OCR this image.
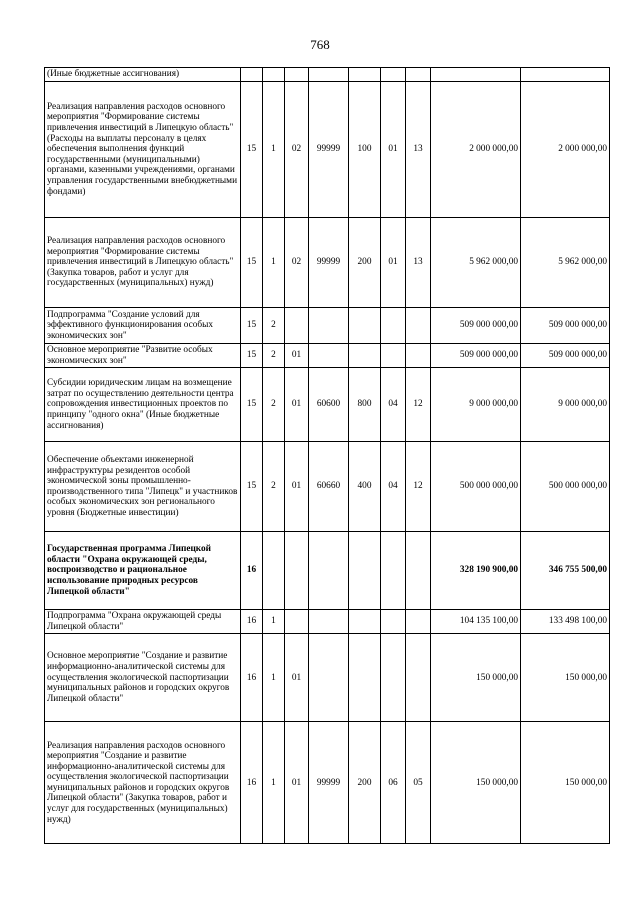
768
(Иные бюджетные ассигнования)									
Реализация направления расходов основного мероприятия "Формирование системы привлечения инвестиций в Липецкую область" (Расходы на выплаты персоналу в целях обеспечения выполнения функций государственными (муниципальными) органами, казенными учреждениями, органами управления государственными внебюджетными фондами)	15	1	02	99999	100	01	13	2 000 000,00	2 000 000,00
Реализация направления расходов основного мероприятия "Формирование системы привлечения инвестиций в Липецкую область" (Закупка товаров, работ и услуг для государственных (муниципальных) нужд)	15	1	02	99999	200	01	13	5 962 000,00	5 962 000,00
Подпрограмма "Создание условий для эффективного функционирования особых экономических зон"	15	2						509 000 000,00	509 000 000,00
Основное мероприятие "Развитие особых экономических зон"	15	2	01					509 000 000,00	509 000 000,00
Субсидии юридическим лицам на возмещение затрат по осуществлению деятельности центра сопровождения инвестиционных проектов по принципу "одного окна" (Иные бюджетные ассигнования)	15	2	01	60600	800	04	12	9 000 000,00	9 000 000,00
Обеспечение объектами инженерной инфраструктуры резидентов особой экономической зоны промышленно-производственного типа "Липецк" и участников особых экономических зон регионального уровня (Бюджетные инвестиции)	15	2	01	60660	400	04	12	500 000 000,00	500 000 000,00
Государственная программа Липецкой области "Охрана окружающей среды, воспроизводство и рациональное использование природных ресурсов Липецкой области"	16							328 190 900,00	346 755 500,00
Подпрограмма "Охрана окружающей среды Липецкой области"	16	1						104 135 100,00	133 498 100,00
Основное мероприятие "Создание и развитие информационно-аналитической системы для осуществления экологической паспортизации муниципальных районов и городских округов Липецкой области"	16	1	01					150 000,00	150 000,00
Реализация направления расходов основного мероприятия "Создание и развитие информационно-аналитической системы для осуществления экологической паспортизации муниципальных районов и городских округов Липецкой области" (Закупка товаров, работ и услуг для государственных (муниципальных) нужд)	16	1	01	99999	200	06	05	150 000,00	150 000,00
